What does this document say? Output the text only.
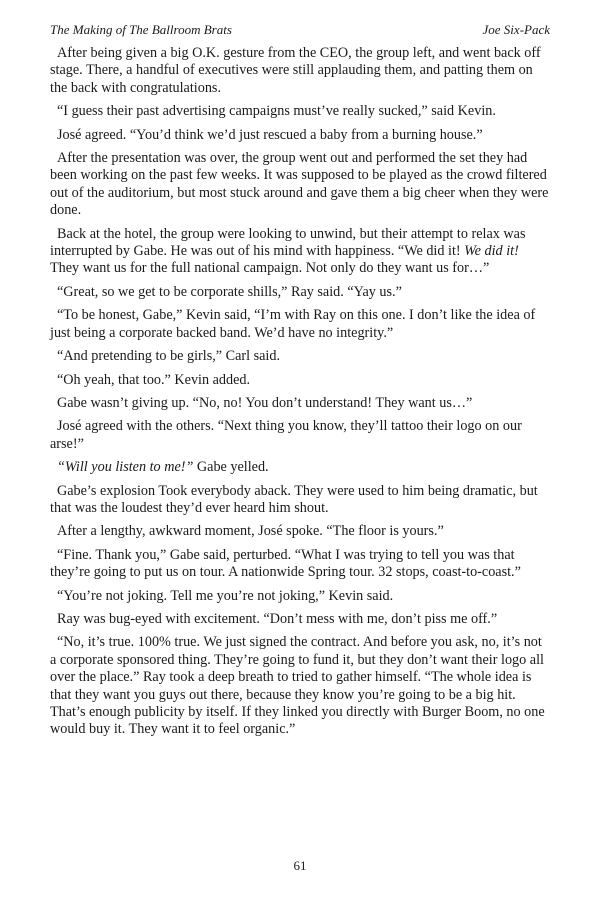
The Making of The Ballroom Brats	Joe Six-Pack

After being given a big O.K. gesture from the CEO, the group left, and went back off stage. There, a handful of executives were still applauding them, and patting them on the back with congratulations.

“I guess their past advertising campaigns must’ve really sucked,” said Kevin.

José agreed. “You’d think we’d just rescued a baby from a burning house.”

After the presentation was over, the group went out and performed the set they had been working on the past few weeks. It was supposed to be played as the crowd filtered out of the auditorium, but most stuck around and gave them a big cheer when they were done.

Back at the hotel, the group were looking to unwind, but their attempt to relax was interrupted by Gabe. He was out of his mind with happiness. “We did it! We did it! They want us for the full national campaign. Not only do they want us for…”

“Great, so we get to be corporate shills,” Ray said. “Yay us.”

“To be honest, Gabe,” Kevin said, “I’m with Ray on this one. I don’t like the idea of just being a corporate backed band. We’d have no integrity.”

“And pretending to be girls,” Carl said.

“Oh yeah, that too.” Kevin added.

Gabe wasn’t giving up. “No, no! You don’t understand! They want us…”

José agreed with the others. “Next thing you know, they’ll tattoo their logo on our arse!”

“Will you listen to me!” Gabe yelled.

Gabe’s explosion Took everybody aback. They were used to him being dramatic, but that was the loudest they’d ever heard him shout.

After a lengthy, awkward moment, José spoke. “The floor is yours.”

“Fine. Thank you,” Gabe said, perturbed. “What I was trying to tell you was that they’re going to put us on tour. A nationwide Spring tour. 32 stops, coast-to-coast.”

“You’re not joking. Tell me you’re not joking,” Kevin said.

Ray was bug-eyed with excitement. “Don’t mess with me, don’t piss me off.”

“No, it’s true. 100% true. We just signed the contract. And before you ask, no, it’s not a corporate sponsored thing. They’re going to fund it, but they don’t want their logo all over the place.” Ray took a deep breath to tried to gather himself. “The whole idea is that they want you guys out there, because they know you’re going to be a big hit. That’s enough publicity by itself. If they linked you directly with Burger Boom, no one would buy it. They want it to feel organic.”

61
